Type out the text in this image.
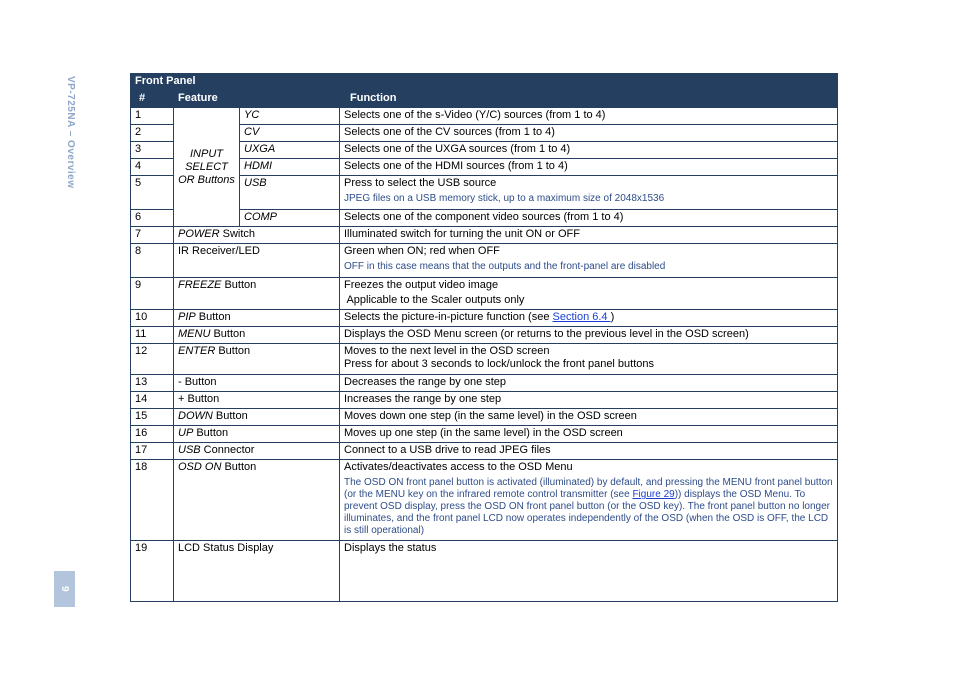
VP-725NA – Overview
9
Front Panel			
#	Feature		Function
1	INPUT SELECT OR Buttons	YC	Selects one of the s-Video (Y/C) sources (from 1 to 4)
2		CV	Selects one of the CV sources (from 1 to 4)
3		UXGA	Selects one of the UXGA sources (from 1 to 4)
4		HDMI	Selects one of the HDMI sources (from 1 to 4)
5		USB	Press to select the USB source
JPEG files on a USB memory stick, up to a maximum size of 2048x1536

6		COMP	Selects one of the component video sources (from 1 to 4)
7	POWER Switch		Illuminated switch for turning the unit ON or OFF
8	IR Receiver/LED		Green when ON; red when OFF
OFF in this case means that the outputs and the front-panel are disabled

9	FREEZE Button		Freezes the output video image
Applicable to the Scaler outputs only

10	PIP Button		Selects the picture-in-picture function (see Section 6.4 )
11	MENU Button		Displays the OSD Menu screen (or returns to the previous level in the OSD screen)
12	ENTER Button		Moves to the next level in the OSD screen
Press for about 3 seconds to lock/unlock the front panel buttons

13	- Button		Decreases the range by one step
14	+ Button		Increases the range by one step
15	DOWN Button		Moves down one step (in the same level) in the OSD screen
16	UP Button		Moves up one step (in the same level) in the OSD screen
17	USB Connector		Connect to a USB drive to read JPEG files
18	OSD ON Button		Activates/deactivates access to the OSD Menu
The OSD ON front panel button is activated (illuminated) by default, and pressing the MENU front panel button (or the MENU key on the infrared remote control transmitter (see Figure 29)) displays the OSD Menu. To prevent OSD display, press the OSD ON front panel button (or the OSD key). The front panel button no longer illuminates, and the front panel LCD now operates independently of the OSD (when the OSD is OFF, the LCD is still operational)

19	LCD Status Display		Displays the status
